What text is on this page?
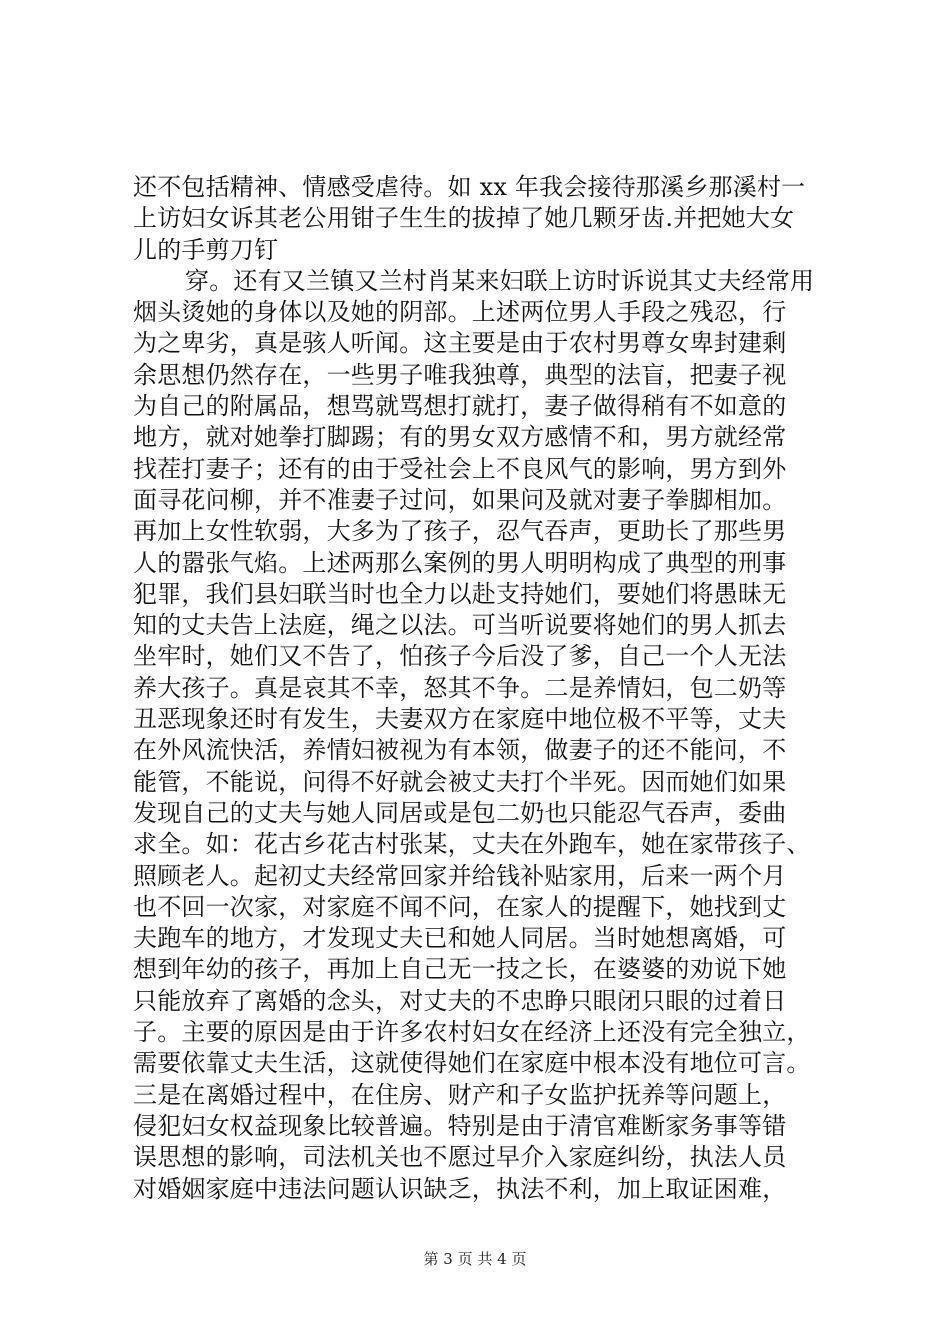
还不包括精神、情感受虐待。如 xx 年我会接待那溪乡那溪村一
上访妇女诉其老公用钳子生生的拔掉了她几颗牙齿.并把她大女
儿的手剪刀钉
穿。还有又兰镇又兰村肖某来妇联上访时诉说其丈夫经常用
烟头烫她的身体以及她的阴部。上述两位男人手段之残忍，行
为之卑劣，真是骇人听闻。这主要是由于农村男尊女卑封建剩
余思想仍然存在，一些男子唯我独尊，典型的法盲，把妻子视
为自己的附属品，想骂就骂想打就打，妻子做得稍有不如意的
地方，就对她拳打脚踢；有的男女双方感情不和，男方就经常
找茬打妻子；还有的由于受社会上不良风气的影响，男方到外
面寻花问柳，并不准妻子过问，如果问及就对妻子拳脚相加。
再加上女性软弱，大多为了孩子，忍气吞声，更助长了那些男
人的嚣张气焰。上述两那么案例的男人明明构成了典型的刑事
犯罪，我们县妇联当时也全力以赴支持她们，要她们将愚昧无
知的丈夫告上法庭，绳之以法。可当听说要将她们的男人抓去
坐牢时，她们又不告了，怕孩子今后没了爹，自己一个人无法
养大孩子。真是哀其不幸，怒其不争。二是养情妇，包二奶等
丑恶现象还时有发生，夫妻双方在家庭中地位极不平等，丈夫
在外风流快活，养情妇被视为有本领，做妻子的还不能问，不
能管，不能说，问得不好就会被丈夫打个半死。因而她们如果
发现自己的丈夫与她人同居或是包二奶也只能忍气吞声，委曲
求全。如：花古乡花古村张某，丈夫在外跑车，她在家带孩子、
照顾老人。起初丈夫经常回家并给钱补贴家用，后来一两个月
也不回一次家，对家庭不闻不问，在家人的提醒下，她找到丈
夫跑车的地方，才发现丈夫已和她人同居。当时她想离婚，可
想到年幼的孩子，再加上自己无一技之长，在婆婆的劝说下她
只能放弃了离婚的念头，对丈夫的不忠睁只眼闭只眼的过着日
子。主要的原因是由于许多农村妇女在经济上还没有完全独立，
需要依靠丈夫生活，这就使得她们在家庭中根本没有地位可言。
三是在离婚过程中，在住房、财产和子女监护抚养等问题上，
侵犯妇女权益现象比较普遍。特别是由于清官难断家务事等错
误思想的影响，司法机关也不愿过早介入家庭纠纷，执法人员
对婚姻家庭中违法问题认识缺乏，执法不利，加上取证困难，
第 3 页 共 4 页
